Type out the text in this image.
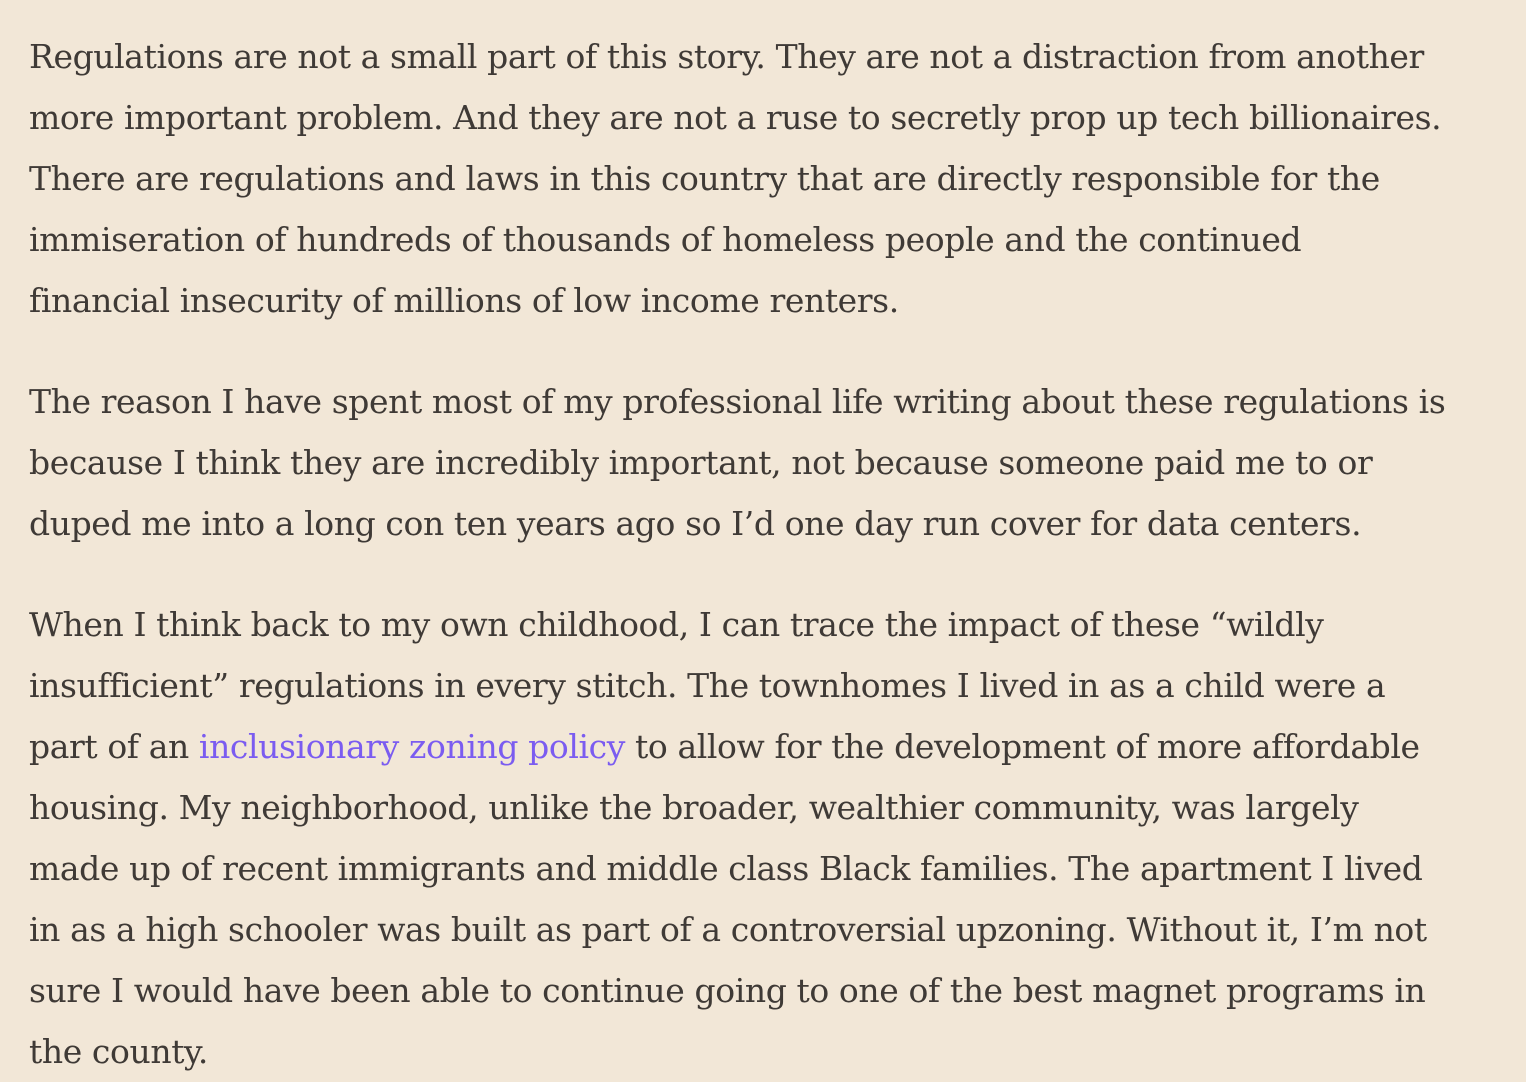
Regulations are not a small part of this story. They are not a distraction from another
more important problem. And they are not a ruse to secretly prop up tech billionaires.
There are regulations and laws in this country that are directly responsible for the
immiseration of hundreds of thousands of homeless people and the continued
financial insecurity of millions of low income renters.

The reason I have spent most of my professional life writing about these regulations is
because I think they are incredibly important, not because someone paid me to or
duped me into a long con ten years ago so I’d one day run cover for data centers.

When I think back to my own childhood, I can trace the impact of these “wildly
insufficient” regulations in every stitch. The townhomes I lived in as a child were a
part of an inclusionary zoning policy to allow for the development of more affordable
housing. My neighborhood, unlike the broader, wealthier community, was largely
made up of recent immigrants and middle class Black families. The apartment I lived
in as a high schooler was built as part of a controversial upzoning. Without it, I’m not
sure I would have been able to continue going to one of the best magnet programs in
the county.
